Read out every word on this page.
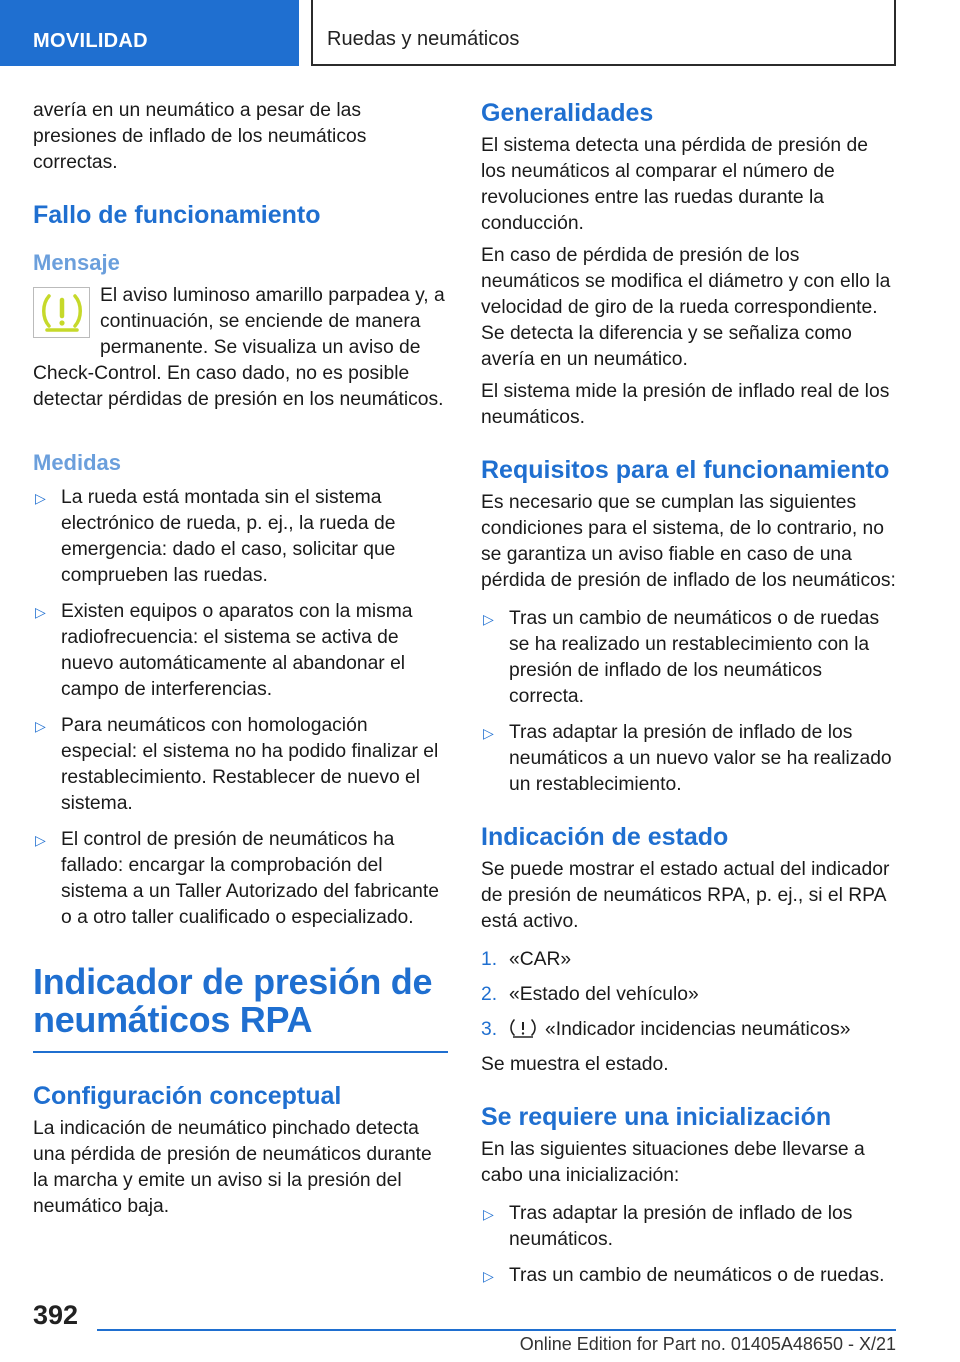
MOVILIDAD	Ruedas y neumáticos

avería en un neumático a pesar de las presiones de inflado de los neumáticos correctas.

Fallo de funcionamiento
Mensaje

El aviso luminoso amarillo parpadea y, a continuación, se enciende de manera permanente. Se visualiza un aviso de Check-Control. En caso dado, no es posible detectar pérdidas de presión en los neumáticos.

Medidas
▷ La rueda está montada sin el sistema electrónico de rueda, p. ej., la rueda de emergencia: dado el caso, solicitar que comprueben las ruedas.
▷ Existen equipos o aparatos con la misma radiofrecuencia: el sistema se activa de nuevo automáticamente al abandonar el campo de interferencias.
▷ Para neumáticos con homologación especial: el sistema no ha podido finalizar el restablecimiento. Restablecer de nuevo el sistema.
▷ El control de presión de neumáticos ha fallado: encargar la comprobación del sistema a un Taller Autorizado del fabricante o a otro taller cualificado o especializado.
Indicador de presión de neumáticos RPA
Configuración conceptual

La indicación de neumático pinchado detecta una pérdida de presión de neumáticos durante la marcha y emite un aviso si la presión del neumático baja.

Generalidades

El sistema detecta una pérdida de presión de los neumáticos al comparar el número de revoluciones entre las ruedas durante la conducción.

En caso de pérdida de presión de los neumáticos se modifica el diámetro y con ello la velocidad de giro de la rueda correspondiente. Se detecta la diferencia y se señaliza como avería en un neumático.

El sistema mide la presión de inflado real de los neumáticos.

Requisitos para el funcionamiento

Es necesario que se cumplan las siguientes condiciones para el sistema, de lo contrario, no se garantiza un aviso fiable en caso de una pérdida de presión de inflado de los neumáticos:

▷ Tras un cambio de neumáticos o de ruedas se ha realizado un restablecimiento con la presión de inflado de los neumáticos correcta.
▷ Tras adaptar la presión de inflado de los neumáticos a un nuevo valor se ha realizado un restablecimiento.
Indicación de estado

Se puede mostrar el estado actual del indicador de presión de neumáticos RPA, p. ej., si el RPA está activo.

1. «CAR»
2. «Estado del vehículo»
3. «Indicador incidencias neumáticos»

Se muestra el estado.

Se requiere una inicialización

En las siguientes situaciones debe llevarse a cabo una inicialización:

▷ Tras adaptar la presión de inflado de los neumáticos.
▷ Tras un cambio de neumáticos o de ruedas.
392
Online Edition for Part no. 01405A48650 - X/21
